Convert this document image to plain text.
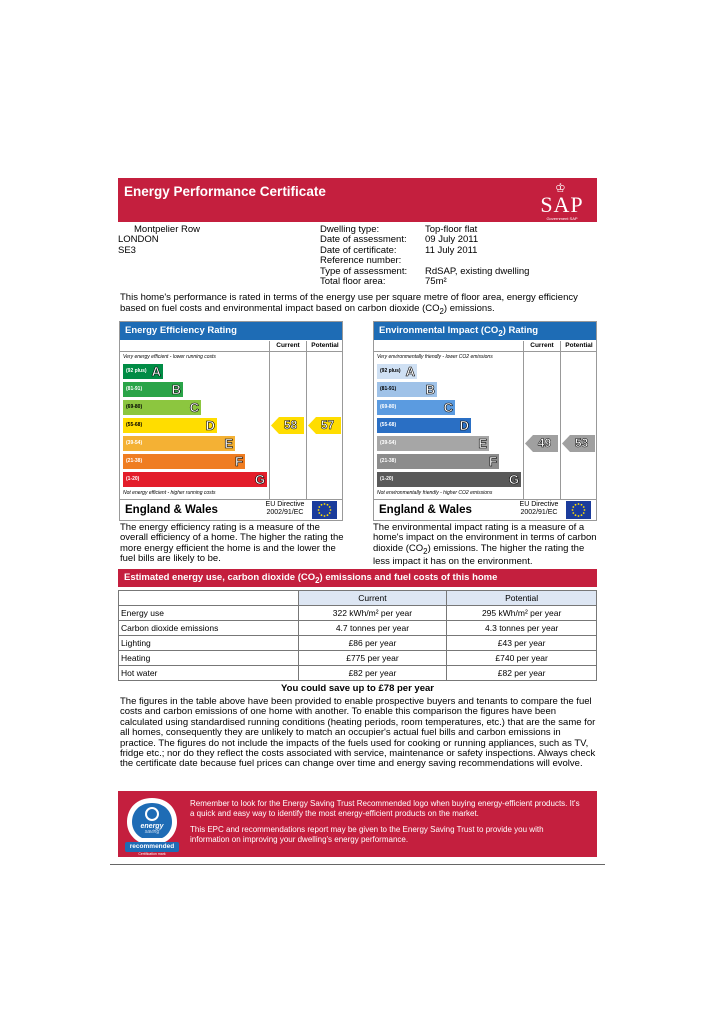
Energy Performance Certificate	♔
SAP
Government SAP
Montpelier Row
LONDON
SE3
Dwelling type:	Top-floor flat
Date of assessment:	09 July 2011
Date of certificate:	11 July 2011
Reference number:
Type of assessment:	RdSAP, existing dwelling
Total floor area:	75m²
This home's performance is rated in terms of the energy use per square metre of floor area, energy efficiency based on fuel costs and environmental impact based on carbon dioxide $(CO_2)$ emissions.
Energy Efficiency Rating
Current	Potential
Very energy efficient - lower running costs
(92 plus) A
(81-91) B
(69-80)	C
(55-68)	D
(39-54)	E
(21-38)	F
(1-20)	G
Not energy efficient - higher running costs
58	57
England & Wales	EU Directive
2002/91/EC
Environmental Impact $(CO_2)$ Rating
Current	Potential
Very environmentally friendly - lower CO2 emissions
(92 plus) A
(81-91) B
(69-80)	C
(55-68)	D
(39-54)	E
(21-38)	F
(1-20)	G
Not environmentally friendly - higher CO2 emissions
49	53
England & Wales	EU Directive
2002/91/EC
The energy efficiency rating is a measure of the overall efficiency of a home. The higher the rating the more energy efficient the home is and the lower the fuel bills are likely to be.
The environmental impact rating is a measure of a home's impact on the environment in terms of carbon dioxide $(CO_2)$ emissions. The higher the rating the less impact it has on the environment.
Estimated energy use, carbon dioxide $(CO_2)$ emissions and fuel costs of this home
	Current	Potential
Energy use	322 kWh/m² per year	295 kWh/m² per year
Carbon dioxide emissions	4.7 tonnes per year	4.3 tonnes per year
Lighting	£86 per year	£43 per year
Heating	£775 per year	£740 per year
Hot water	£82 per year	£82 per year
You could save up to £78 per year
The figures in the table above have been provided to enable prospective buyers and tenants to compare the fuel costs and carbon emissions of one home with another. To enable this comparison the figures have been calculated using standardised running conditions (heating periods, room temperatures, etc.) that are the same for all homes, consequently they are unlikely to match an occupier's actual fuel bills and carbon emissions in practice. The figures do not include the impacts of the fuels used for cooking or running appliances, such as TV, fridge etc.; nor do they reflect the costs associated with service, maintenance or safety inspections. Always check the certificate date because fuel prices can change over time and energy saving recommendations will evolve.
energy
saving
recommended
Certification mark
Remember to look for the Energy Saving Trust Recommended logo when buying energy-efficient products. It's a quick and easy way to identify the most energy-efficient products on the market.
This EPC and recommendations report may be given to the Energy Saving Trust to provide you with information on improving your dwelling's energy performance.
